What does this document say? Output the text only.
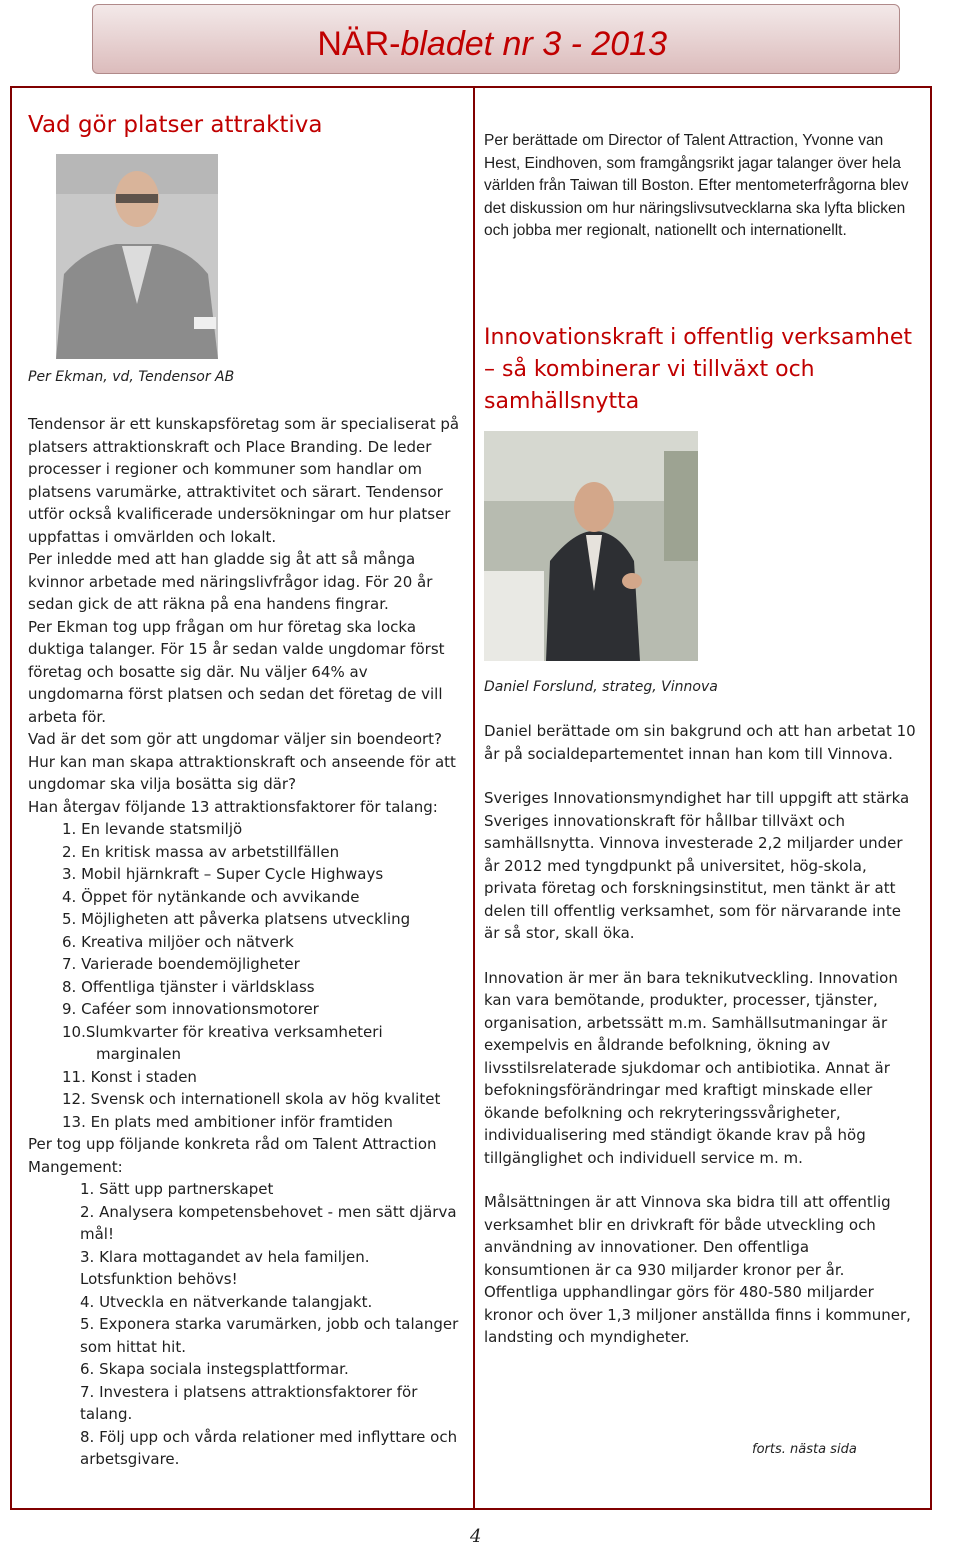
NÄR-bladet nr 3 - 2013
Vad gör platser attraktiva
Per Ekman, vd, Tendensor AB

Tendensor är ett kunskapsföretag som är specialiserat på platsers attraktionskraft och Place Branding. De leder processer i regioner och kommuner som handlar om platsens varumärke, attraktivitet och särart. Tendensor utför också kvalificerade undersökningar om hur platser uppfattas i omvärlden och lokalt.

Per inledde med att han gladde sig åt att så många kvinnor arbetade med näringslivfrågor idag. För 20 år sedan gick de att räkna på ena handens fingrar.

Per Ekman tog upp frågan om hur företag ska locka duktiga talanger. För 15 år sedan valde ungdomar först företag och bosatte sig där. Nu väljer 64% av ungdomarna först platsen och sedan det företag de vill arbeta för.

Vad är det som gör att ungdomar väljer sin boendeort? Hur kan man skapa attraktionskraft och anseende för att ungdomar ska vilja bosätta sig där?

Han återgav följande 13 attraktionsfaktorer för talang:

1. En levande statsmiljö
2. En kritisk massa av arbetstillfällen
3. Mobil hjärnkraft – Super Cycle Highways
4. Öppet för nytänkande och avvikande
5. Möjligheten att påverka platsens utveckling
6. Kreativa miljöer och nätverk
7. Varierade boendemöjligheter
8. Offentliga tjänster i världsklass
9. Caféer som innovationsmotorer
10.Slumkvarter för kreativa verksamheteri
marginalen
11. Konst i staden
12. Svensk och internationell skola av hög kvalitet
13. En plats med ambitioner inför framtiden

Per tog upp följande konkreta råd om Talent Attraction Mangement:

1. Sätt upp partnerskapet
2. Analysera kompetensbehovet - men sätt djärva mål!
3. Klara mottagandet av hela familjen. Lotsfunktion behövs!
4. Utveckla en nätverkande talangjakt.
5. Exponera starka varumärken, jobb och talanger som hittat hit.
6. Skapa sociala instegsplattformar.
7. Investera i platsens attraktionsfaktorer för talang.
8. Följ upp och vårda relationer med inflyttare och arbetsgivare.
Per berättade om Director of Talent Attraction, Yvonne van Hest, Eindhoven, som framgångsrikt jagar talanger över hela världen från Taiwan till Boston. Efter mentometerfrågorna blev det diskussion om hur näringslivsutvecklarna ska lyfta blicken och jobba mer regionalt, nationellt och internationellt.
Innovationskraft i offentlig verksamhet – så kombinerar vi tillväxt och samhällsnytta
Daniel Forslund, strateg, Vinnova

Daniel berättade om sin bakgrund och att han arbetat 10 år på socialdepartementet innan han kom till Vinnova.

Sveriges Innovationsmyndighet har till uppgift att stärka Sveriges innovationskraft för hållbar tillväxt och samhällsnytta. Vinnova investerade 2,2 miljarder under år 2012 med tyngdpunkt på universitet, hög-skola, privata företag och forskningsinstitut, men tänkt är att delen till offentlig verksamhet, som för närvarande inte är så stor, skall öka.

Innovation är mer än bara teknikutveckling. Innovation kan vara bemötande, produkter, processer, tjänster, organisation, arbetssätt m.m. Samhällsutmaningar är exempelvis en åldrande befolkning, ökning av livsstilsrelaterade sjukdomar och antibiotika. Annat är befokningsförändringar med kraftigt minskade eller ökande befolkning och rekryteringssvårigheter, individualisering med ständigt ökande krav på hög tillgänglighet och individuell service m. m.

Målsättningen är att Vinnova ska bidra till att offentlig verksamhet blir en drivkraft för både utveckling och användning av innovationer. Den offentliga konsumtionen är ca 930 miljarder kronor per år. Offentliga upphandlingar görs för 480-580 miljarder kronor och över 1,3 miljoner anställda finns i kommuner, landsting och myndigheter.

forts. nästa sida
4
